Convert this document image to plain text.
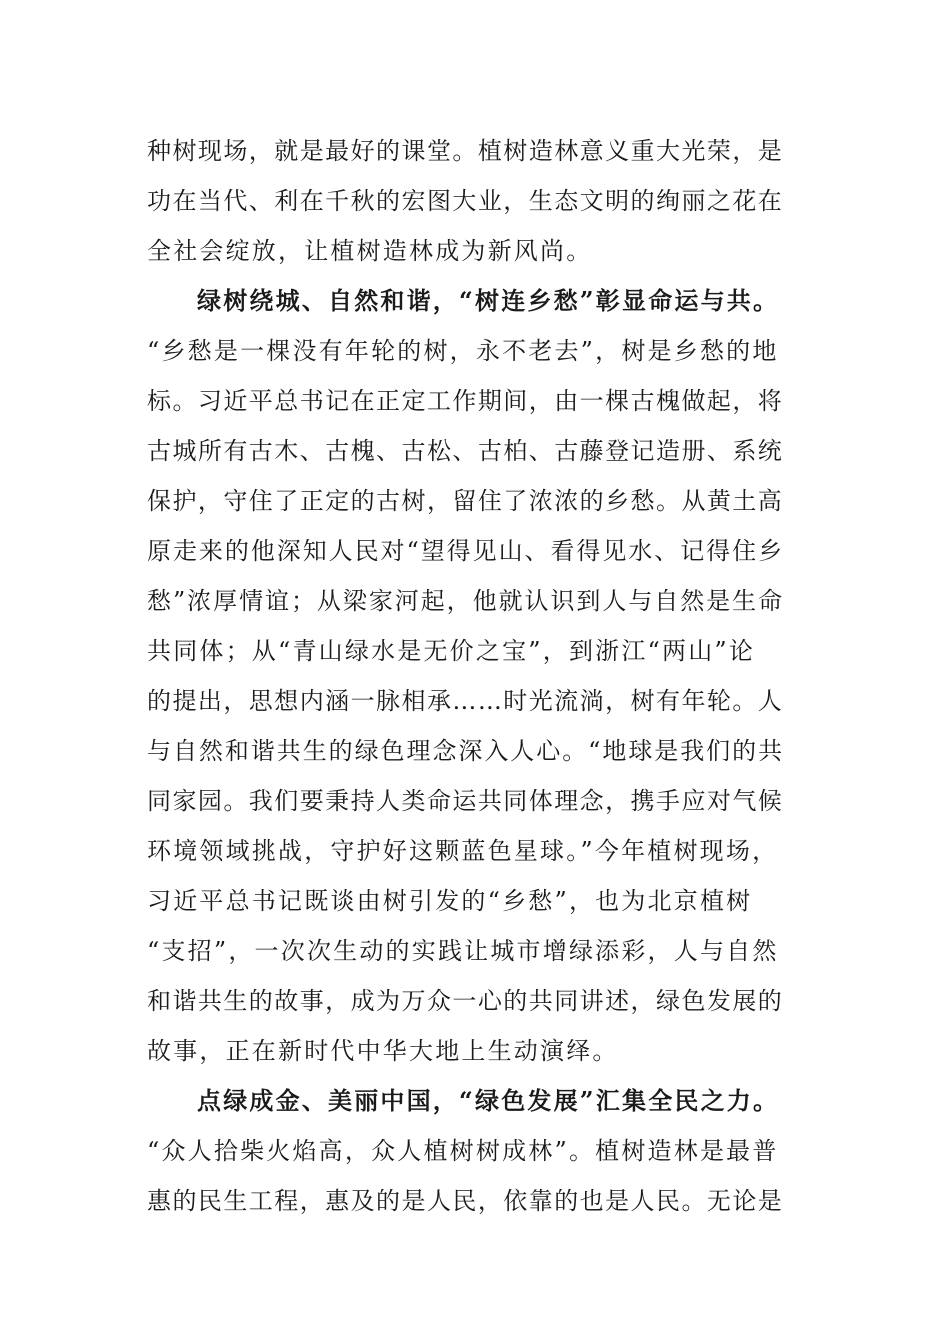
种树现场，就是最好的课堂。植树造林意义重大光荣，是
功在当代、利在千秋的宏图大业，生态文明的绚丽之花在
全社会绽放，让植树造林成为新风尚。
绿树绕城、自然和谐，“树连乡愁”彰显命运与共。
“乡愁是一棵没有年轮的树，永不老去”，树是乡愁的地
标。习近平总书记在正定工作期间，由一棵古槐做起，将
古城所有古木、古槐、古松、古柏、古藤登记造册、系统
保护，守住了正定的古树，留住了浓浓的乡愁。从黄土高
原走来的他深知人民对“望得见山、看得见水、记得住乡
愁”浓厚情谊；从梁家河起，他就认识到人与自然是生命
共同体；从“青山绿水是无价之宝”，到浙江“两山”论
的提出，思想内涵一脉相承……时光流淌，树有年轮。人
与自然和谐共生的绿色理念深入人心。“地球是我们的共
同家园。我们要秉持人类命运共同体理念，携手应对气候
环境领域挑战，守护好这颗蓝色星球。”今年植树现场，
习近平总书记既谈由树引发的“乡愁”，也为北京植树
“支招”，一次次生动的实践让城市增绿添彩，人与自然
和谐共生的故事，成为万众一心的共同讲述，绿色发展的
故事，正在新时代中华大地上生动演绎。
点绿成金、美丽中国，“绿色发展”汇集全民之力。
“众人拾柴火焰高，众人植树树成林”。植树造林是最普
惠的民生工程，惠及的是人民，依靠的也是人民。无论是
